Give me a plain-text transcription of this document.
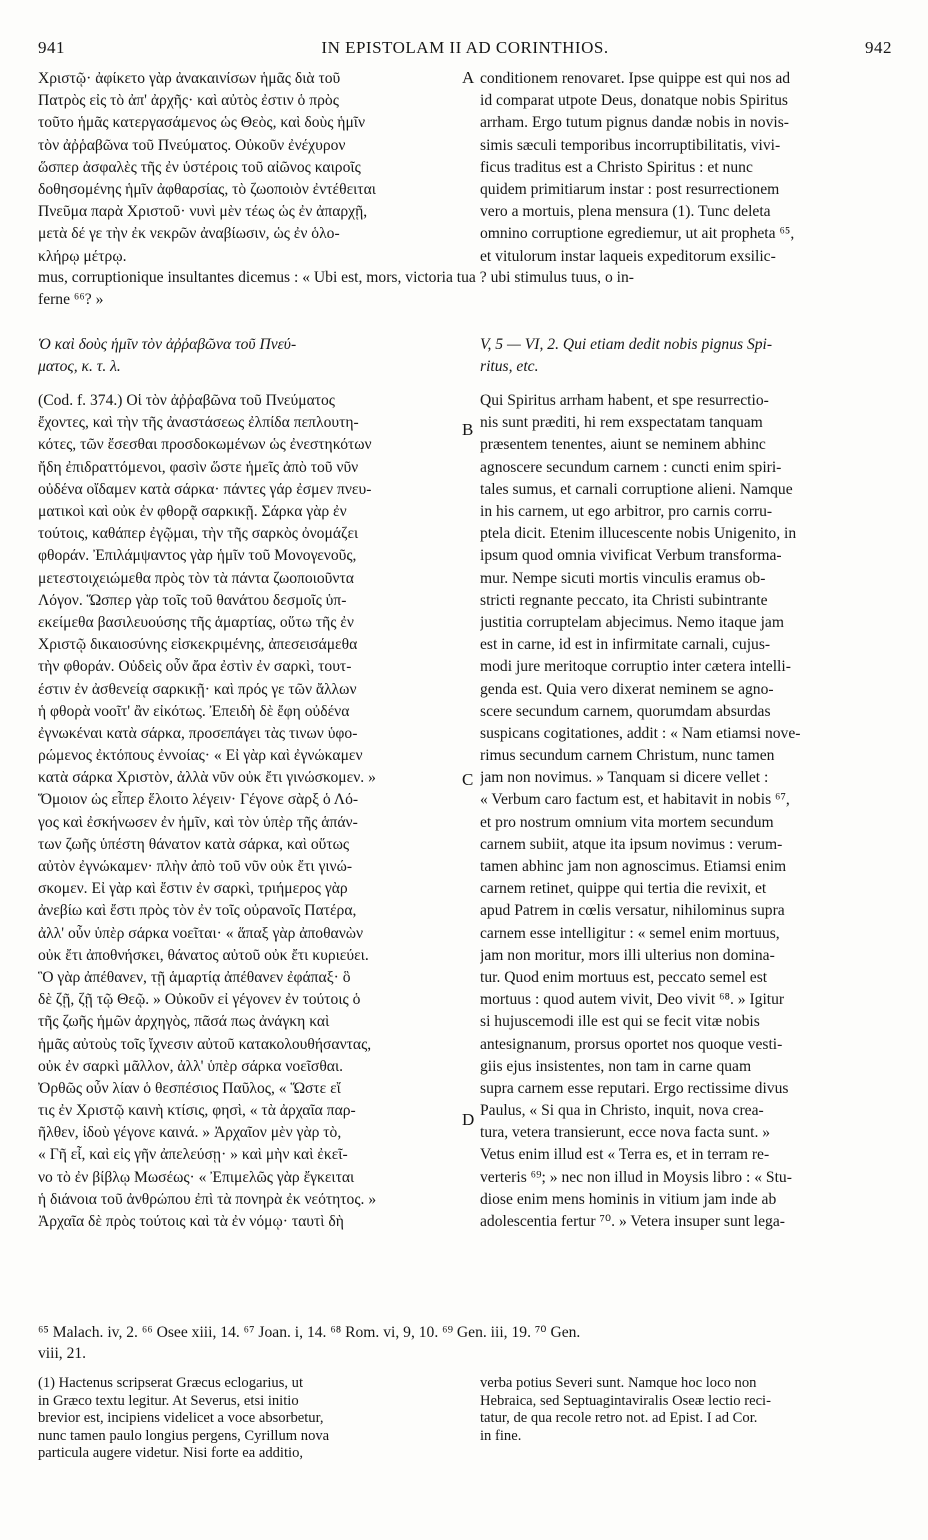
941	IN EPISTOLAM II AD CORINTHIOS.	942
Χριστῷ· ἀφίκετο γὰρ ἀνακαινίσων ἡμᾶς διὰ τοῦ
Πατρὸς εἰς τὸ ἀπ' ἀρχῆς· καὶ αὐτὸς ἐστιν ὁ πρὸς
τοῦτο ἡμᾶς κατεργασάμενος ὡς Θεὸς, καὶ δοὺς ἡμῖν
τὸν ἀῤῥαβῶνα τοῦ Πνεύματος. Οὐκοῦν ἐνέχυρον
ὥσπερ ἀσφαλὲς τῆς ἐν ὑστέροις τοῦ αἰῶνος καιροῖς
δοθησομένης ἡμῖν ἀφθαρσίας, τὸ ζωοποιὸν ἐντέθειται
Πνεῦμα παρὰ Χριστοῦ· νυνὶ μὲν τέως ὡς ἐν ἀπαρχῇ,
μετὰ δέ γε τὴν ἐκ νεκρῶν ἀναβίωσιν, ὡς ἐν ὁλο-
κλήρῳ μέτρῳ.
Ὁ καὶ δοὺς ἡμῖν τὸν ἀῤῥαβῶνα τοῦ Πνεύ-
ματος, κ. τ. λ.
(Cod. f. 374.) Οἱ τὸν ἀῤῥαβῶνα τοῦ Πνεύματος
ἔχοντες, καὶ τὴν τῆς ἀναστάσεως ἐλπίδα πεπλουτη-
κότες, τῶν ἔσεσθαι προσδοκωμένων ὡς ἐνεστηκότων
ἤδη ἐπιδραττόμενοι, φασὶν ὥστε ἡμεῖς ἀπὸ τοῦ νῦν
οὐδένα οἴδαμεν κατὰ σάρκα· πάντες γάρ ἐσμεν πνευ-
ματικοὶ καὶ οὐκ ἐν φθορᾷ σαρκικῇ. Σάρκα γὰρ ἐν
τούτοις, καθάπερ ἐγῷμαι, τὴν τῆς σαρκὸς ὀνομάζει
φθοράν. Ἐπιλάμψαντος γὰρ ἡμῖν τοῦ Μονογενοῦς,
μετεστοιχειώμεθα πρὸς τὸν τὰ πάντα ζωοποιοῦντα
Λόγον. Ὥσπερ γὰρ τοῖς τοῦ θανάτου δεσμοῖς ὑπ-
εκείμεθα βασιλευούσης τῆς ἁμαρτίας, οὕτω τῆς ἐν
Χριστῷ δικαιοσύνης εἰσκεκριμένης, ἀπεσεισάμεθα
τὴν φθοράν. Οὐδεὶς οὖν ἄρα ἐστὶν ἐν σαρκὶ, τουτ-
έστιν ἐν ἀσθενείᾳ σαρκικῇ· καὶ πρός γε τῶν ἄλλων
ἡ φθορὰ νοοῖτ' ἂν εἰκότως. Ἐπειδὴ δὲ ἔφη οὐδένα
ἐγνωκέναι κατὰ σάρκα, προσεπάγει τὰς τινων ὑφο-
ρώμενος ἐκτόπους ἐννοίας· « Εἰ γὰρ καὶ ἐγνώκαμεν
κατὰ σάρκα Χριστὸν, ἀλλὰ νῦν οὐκ ἔτι γινώσκομεν. »
Ὅμοιον ὡς εἶπερ ἕλοιτο λέγειν· Γέγονε σὰρξ ὁ Λό-
γος καὶ ἐσκήνωσεν ἐν ἡμῖν, καὶ τὸν ὑπὲρ τῆς ἁπάν-
των ζωῆς ὑπέστη θάνατον κατὰ σάρκα, καὶ οὕτως
αὐτὸν ἐγνώκαμεν· πλὴν ἀπὸ τοῦ νῦν οὐκ ἔτι γινώ-
σκομεν. Εἰ γὰρ καὶ ἔστιν ἐν σαρκὶ, τριήμερος γὰρ
ἀνεβίω καὶ ἔστι πρὸς τὸν ἐν τοῖς οὐρανοῖς Πατέρα,
ἀλλ' οὖν ὑπὲρ σάρκα νοεῖται· « ἅπαξ γὰρ ἀποθανὼν
οὐκ ἔτι ἀποθνήσκει, θάνατος αὐτοῦ οὐκ ἔτι κυριεύει.
Ὃ γὰρ ἀπέθανεν, τῇ ἁμαρτίᾳ ἀπέθανεν ἐφάπαξ· ὃ
δὲ ζῇ, ζῇ τῷ Θεῷ. » Οὐκοῦν εἰ γέγονεν ἐν τούτοις ὁ
τῆς ζωῆς ἡμῶν ἀρχηγὸς, πᾶσά πως ἀνάγκη καὶ
ἡμᾶς αὐτοὺς τοῖς ἴχνεσιν αὐτοῦ κατακολουθήσαντας,
οὐκ ἐν σαρκὶ μᾶλλον, ἀλλ' ὑπὲρ σάρκα νοεῖσθαι.
Ὀρθῶς οὖν λίαν ὁ θεσπέσιος Παῦλος, « Ὥστε εἴ
τις ἐν Χριστῷ καινὴ κτίσις, φησὶ, « τὰ ἀρχαῖα παρ-
ῆλθεν, ἰδοὺ γέγονε καινά. » Ἀρχαῖον μὲν γὰρ τὸ,
« Γῆ εἶ, καὶ εἰς γῆν ἀπελεύσῃ· » καὶ μὴν καὶ ἐκεῖ-
νο τὸ ἐν βίβλῳ Μωσέως· « Ἐπιμελῶς γὰρ ἔγκειται
ἡ διάνοια τοῦ ἀνθρώπου ἐπὶ τὰ πονηρὰ ἐκ νεότητος. »
Ἀρχαῖα δὲ πρὸς τούτοις καὶ τὰ ἐν νόμῳ· ταυτὶ δὴ
conditionem renovaret. Ipse quippe est qui nos ad
id comparat utpote Deus, donatque nobis Spiritus
arrham. Ergo tutum pignus dandæ nobis in novis-
simis sæculi temporibus incorruptibilitatis, vivi-
ficus traditus est a Christo Spiritus : et nunc
quidem primitiarum instar : post resurrectionem
vero a mortuis, plena mensura (1). Tunc deleta
omnino corruptione egrediemur, ut ait propheta ⁶⁵,
et vitulorum instar laqueis expeditorum exsilic-
V, 5 — VI, 2. Qui etiam dedit nobis pignus Spi-
ritus, etc.
Qui Spiritus arrham habent, et spe resurrectio-
nis sunt præditi, hi rem exspectatam tanquam
præsentem tenentes, aiunt se neminem abhinc
agnoscere secundum carnem : cuncti enim spiri-
tales sumus, et carnali corruptione alieni. Namque
in his carnem, ut ego arbitror, pro carnis corru-
ptela dicit. Etenim illucescente nobis Unigenito, in
ipsum quod omnia vivificat Verbum transforma-
mur. Nempe sicuti mortis vinculis eramus ob-
stricti regnante peccato, ita Christi subintrante
justitia corruptelam abjecimus. Nemo itaque jam
est in carne, id est in infirmitate carnali, cujus-
modi jure meritoque corruptio inter cætera intelli-
genda est. Quia vero dixerat neminem se agno-
scere secundum carnem, quorumdam absurdas
suspicans cogitationes, addit : « Nam etiamsi nove-
rimus secundum carnem Christum, nunc tamen
jam non novimus. » Tanquam si dicere vellet :
« Verbum caro factum est, et habitavit in nobis ⁶⁷,
et pro nostrum omnium vita mortem secundum
carnem subiit, atque ita ipsum novimus : verum-
tamen abhinc jam non agnoscimus. Etiamsi enim
carnem retinet, quippe qui tertia die revixit, et
apud Patrem in cœlis versatur, nihilominus supra
carnem esse intelligitur : « semel enim mortuus,
jam non moritur, mors illi ulterius non domina-
tur. Quod enim mortuus est, peccato semel est
mortuus : quod autem vivit, Deo vivit ⁶⁸. » Igitur
si hujuscemodi ille est qui se fecit vitæ nobis
antesignanum, prorsus oportet nos quoque vesti-
giis ejus insistentes, non tam in carne quam
supra carnem esse reputari. Ergo rectissime divus
Paulus, « Si qua in Christo, inquit, nova crea-
tura, vetera transierunt, ecce nova facta sunt. »
Vetus enim illud est « Terra es, et in terram re-
verteris ⁶⁹; » nec non illud in Moysis libro : « Stu-
diose enim mens hominis in vitium jam inde ab
adolescentia fertur ⁷⁰. » Vetera insuper sunt lega-
mus, corruptionique insultantes dicemus : « Ubi est, mors, victoria tua ? ubi stimulus tuus, o in-
ferne ⁶⁶? »
A
B
C
D
⁶⁵ Malach. iv, 2. ⁶⁶ Osee xiii, 14. ⁶⁷ Joan. i, 14. ⁶⁸ Rom. vi, 9, 10. ⁶⁹ Gen. iii, 19. ⁷⁰ Gen.
viii, 21.
(1) Hactenus scripserat Græcus eclogarius, ut
in Græco textu legitur. At Severus, etsi initio
brevior est, incipiens videlicet a voce absorbetur,
nunc tamen paulo longius pergens, Cyrillum nova
particula augere videtur. Nisi forte ea additio,
verba potius Severi sunt. Namque hoc loco non
Hebraica, sed Septuagintaviralis Oseæ lectio reci-
tatur, de qua recole retro not. ad Epist. I ad Cor.
in fine.
